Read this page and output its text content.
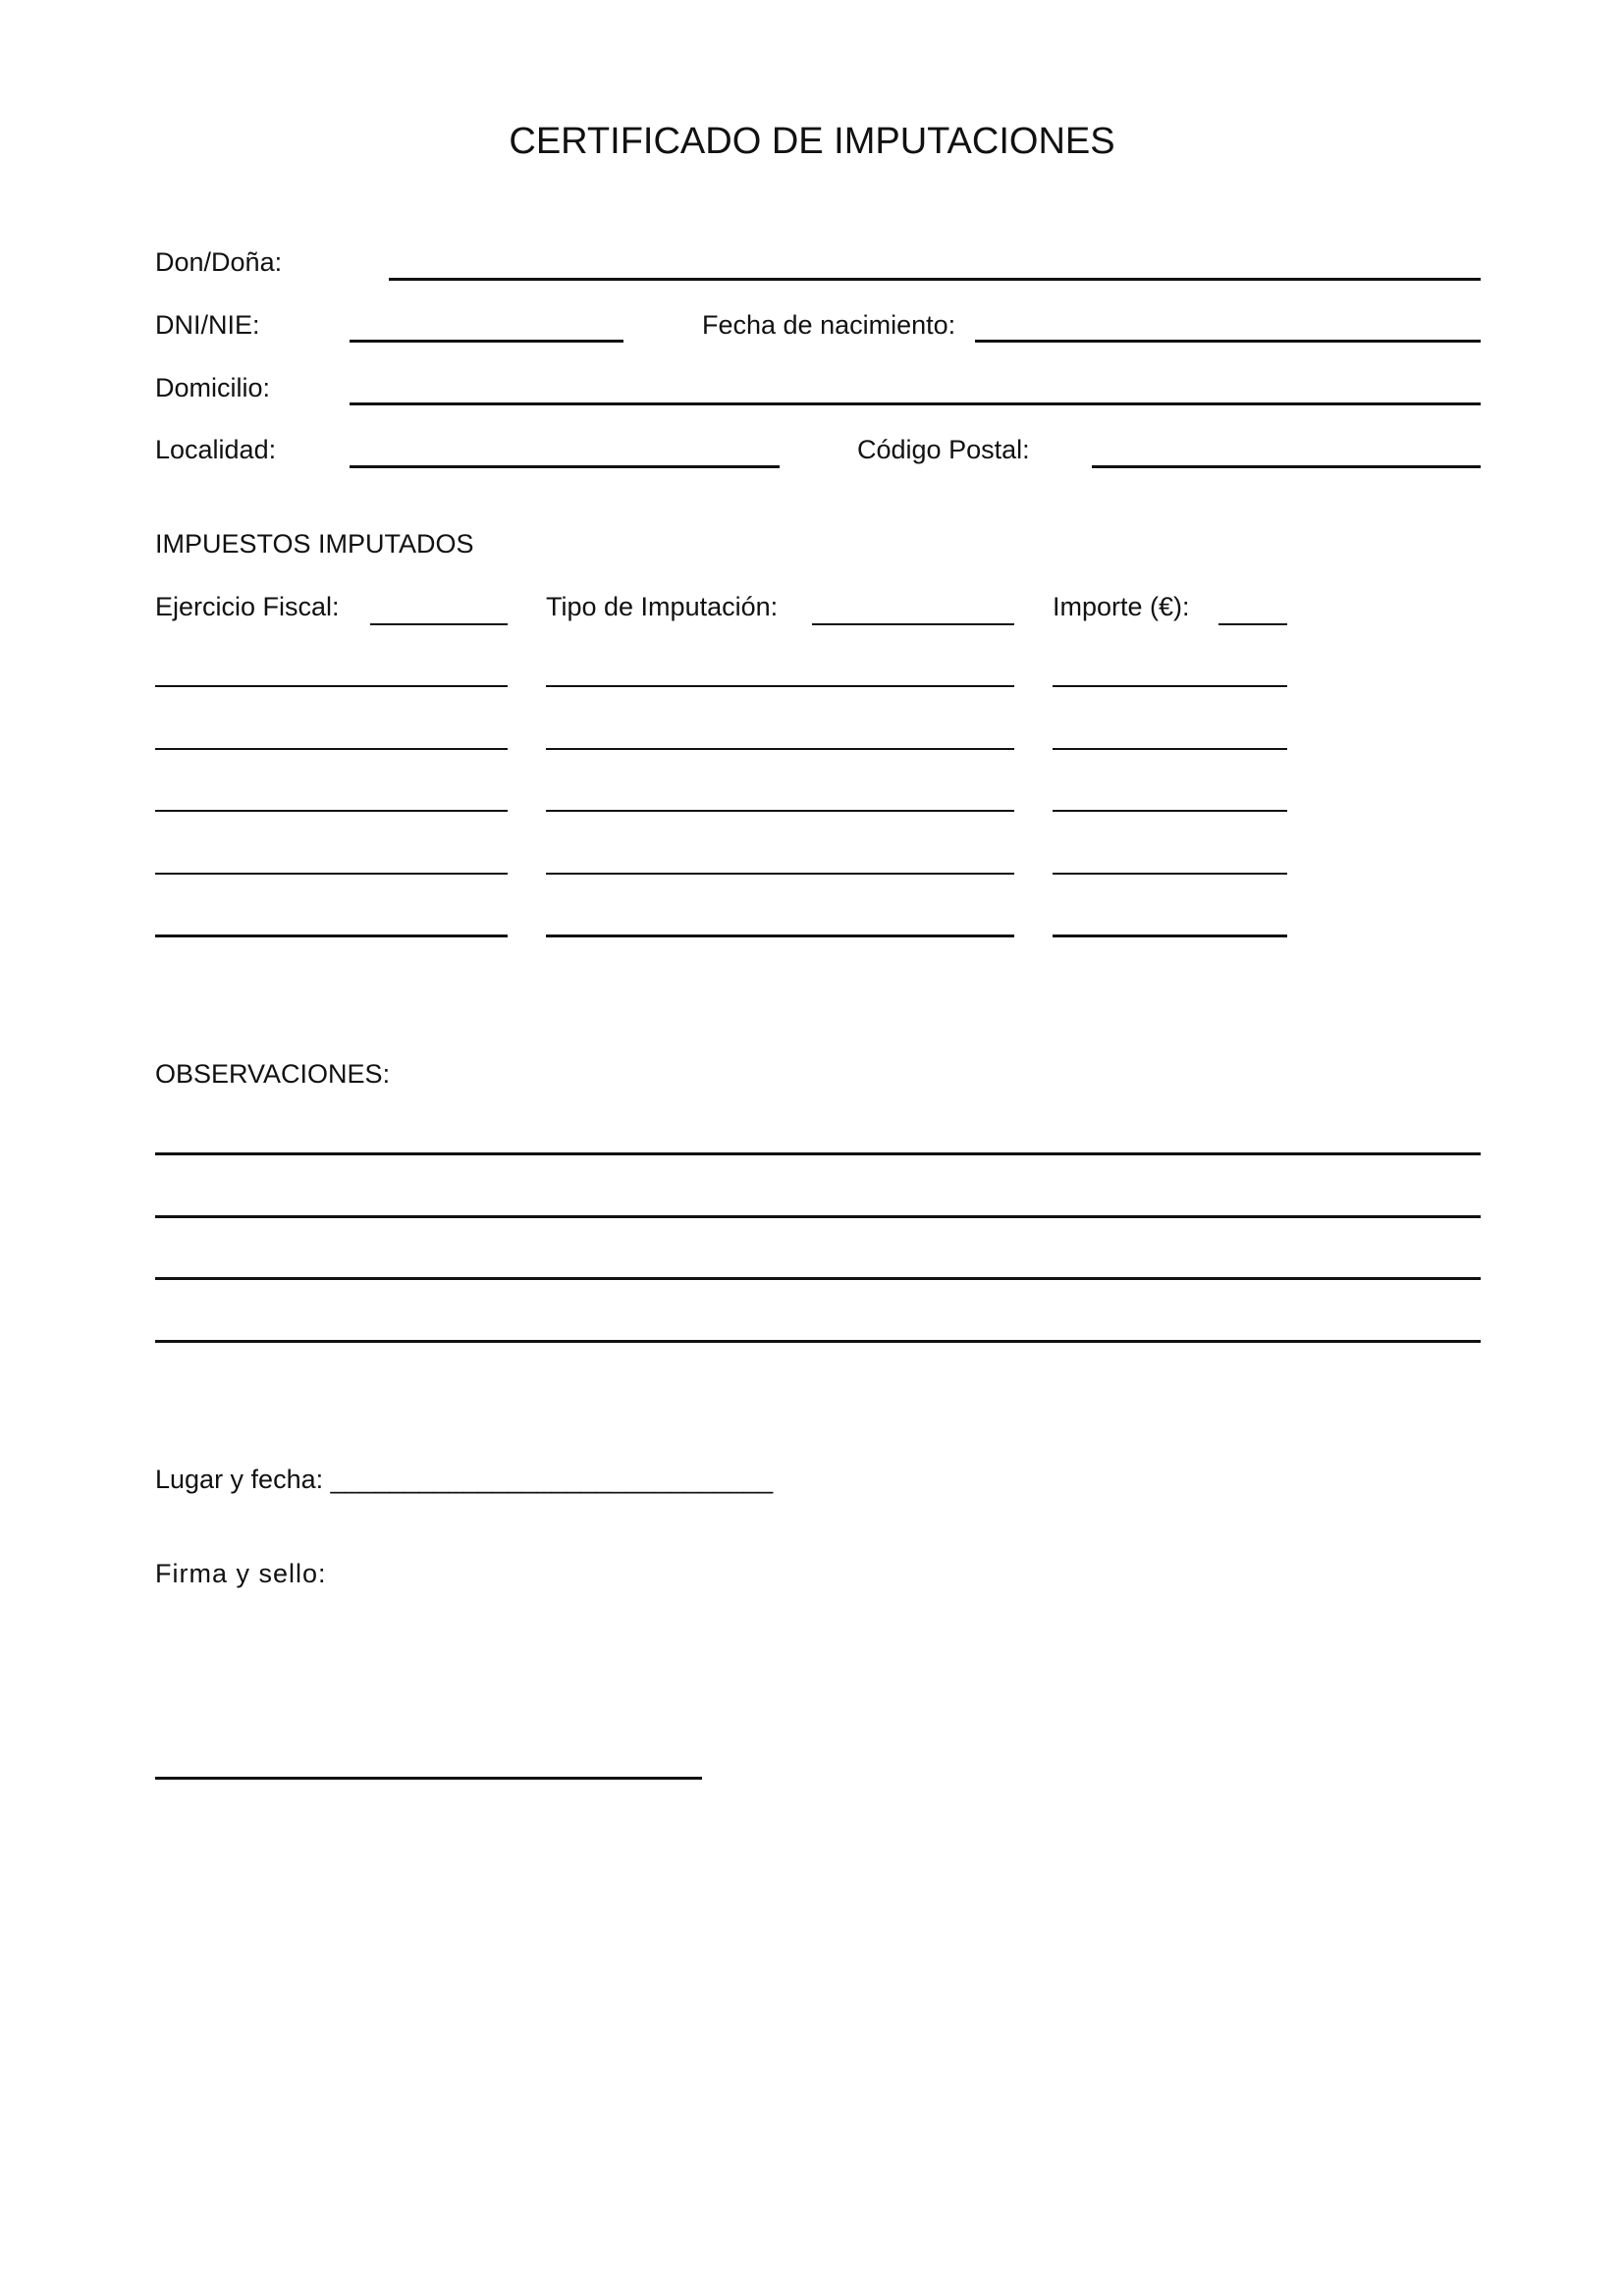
CERTIFICADO DE IMPUTACIONES
Don/Doña:
DNI/NIE:	Fecha de nacimiento:
Domicilio:
Localidad:	Código Postal:
IMPUESTOS IMPUTADOS
Ejercicio Fiscal:	Tipo de Imputación:	Importe (€):
OBSERVACIONES:
Lugar y fecha: ______________________________
Firma y sello:
